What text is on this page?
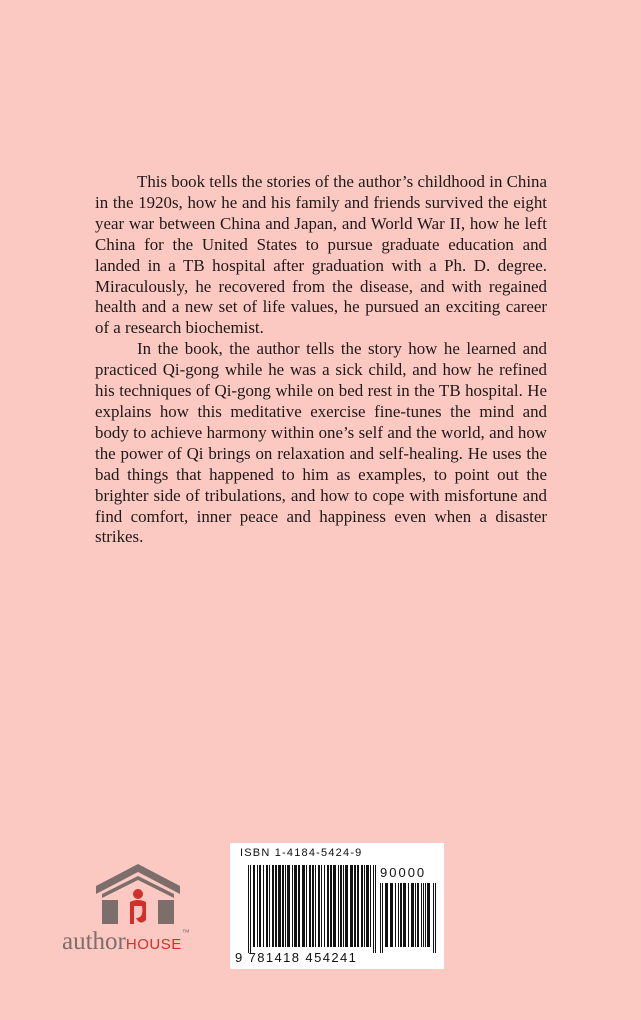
This book tells the stories of the author’s childhood in China in the 1920s, how he and his family and friends survived the eight year war between China and Japan, and World War II, how he left China for the United States to pursue graduate education and landed in a TB hospital after graduation with a Ph. D. degree. Miraculously, he recovered from the disease, and with regained health and a new set of life values, he pursued an exciting career of a research biochemist.

In the book, the author tells the story how he learned and practiced Qi-gong while he was a sick child, and how he refined his techniques of Qi-gong while on bed rest in the TB hospital. He explains how this meditative exercise fine-tunes the mind and body to achieve harmony within one’s self and the world, and how the power of Qi brings on relaxation and self-healing. He uses the bad things that happened to him as examples, to point out the brighter side of tribulations, and how to cope with misfortune and find comfort, inner peace and happiness even when a disaster strikes.

authorHOUSE™
ISBN 1-4184-5424-9
90000
9 781418 454241
